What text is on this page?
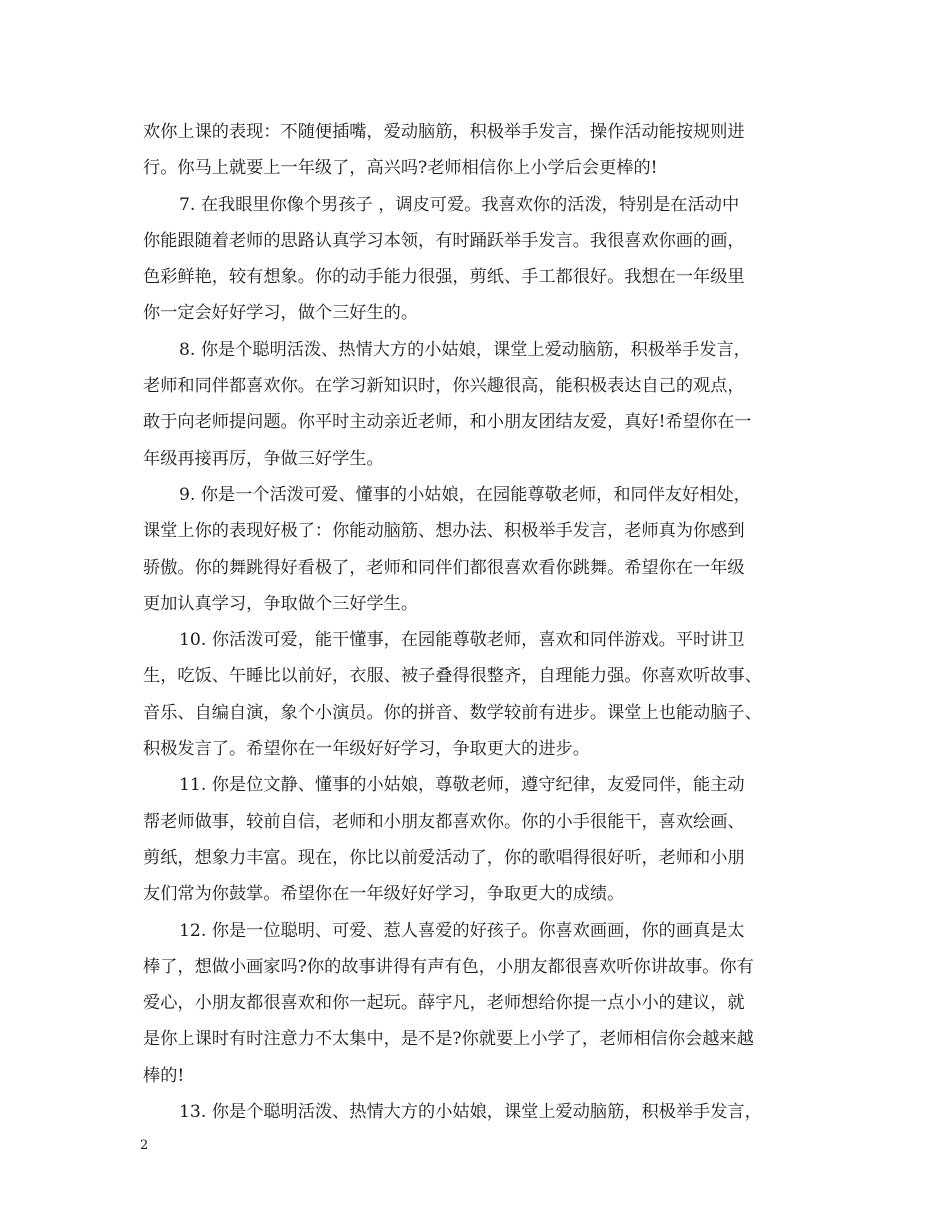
欢你上课的表现：不随便插嘴，爱动脑筋，积极举手发言，操作活动能按规则进
行。你马上就要上一年级了，高兴吗?老师相信你上小学后会更棒的!
7. 在我眼里你像个男孩子 ，调皮可爱。我喜欢你的活泼，特别是在活动中
你能跟随着老师的思路认真学习本领，有时踊跃举手发言。我很喜欢你画的画，
色彩鲜艳，较有想象。你的动手能力很强，剪纸、手工都很好。我想在一年级里
你一定会好好学习，做个三好生的。
8. 你是个聪明活泼、热情大方的小姑娘，课堂上爱动脑筋，积极举手发言，
老师和同伴都喜欢你。在学习新知识时，你兴趣很高，能积极表达自己的观点，
敢于向老师提问题。你平时主动亲近老师，和小朋友团结友爱，真好!希望你在一
年级再接再厉，争做三好学生。
9. 你是一个活泼可爱、懂事的小姑娘，在园能尊敬老师，和同伴友好相处，
课堂上你的表现好极了：你能动脑筋、想办法、积极举手发言，老师真为你感到
骄傲。你的舞跳得好看极了，老师和同伴们都很喜欢看你跳舞。希望你在一年级
更加认真学习，争取做个三好学生。
10. 你活泼可爱，能干懂事，在园能尊敬老师，喜欢和同伴游戏。平时讲卫
生，吃饭、午睡比以前好，衣服、被子叠得很整齐，自理能力强。你喜欢听故事、
音乐、自编自演，象个小演员。你的拼音、数学较前有进步。课堂上也能动脑子、
积极发言了。希望你在一年级好好学习，争取更大的进步。
11. 你是位文静、懂事的小姑娘，尊敬老师，遵守纪律，友爱同伴，能主动
帮老师做事，较前自信，老师和小朋友都喜欢你。你的小手很能干，喜欢绘画、
剪纸，想象力丰富。现在，你比以前爱活动了，你的歌唱得很好听，老师和小朋
友们常为你鼓掌。希望你在一年级好好学习，争取更大的成绩。
12. 你是一位聪明、可爱、惹人喜爱的好孩子。你喜欢画画，你的画真是太
棒了，想做小画家吗?你的故事讲得有声有色，小朋友都很喜欢听你讲故事。你有
爱心，小朋友都很喜欢和你一起玩。薛宇凡，老师想给你提一点小小的建议，就
是你上课时有时注意力不太集中，是不是?你就要上小学了，老师相信你会越来越
棒的!
13. 你是个聪明活泼、热情大方的小姑娘，课堂上爱动脑筋，积极举手发言，
2
